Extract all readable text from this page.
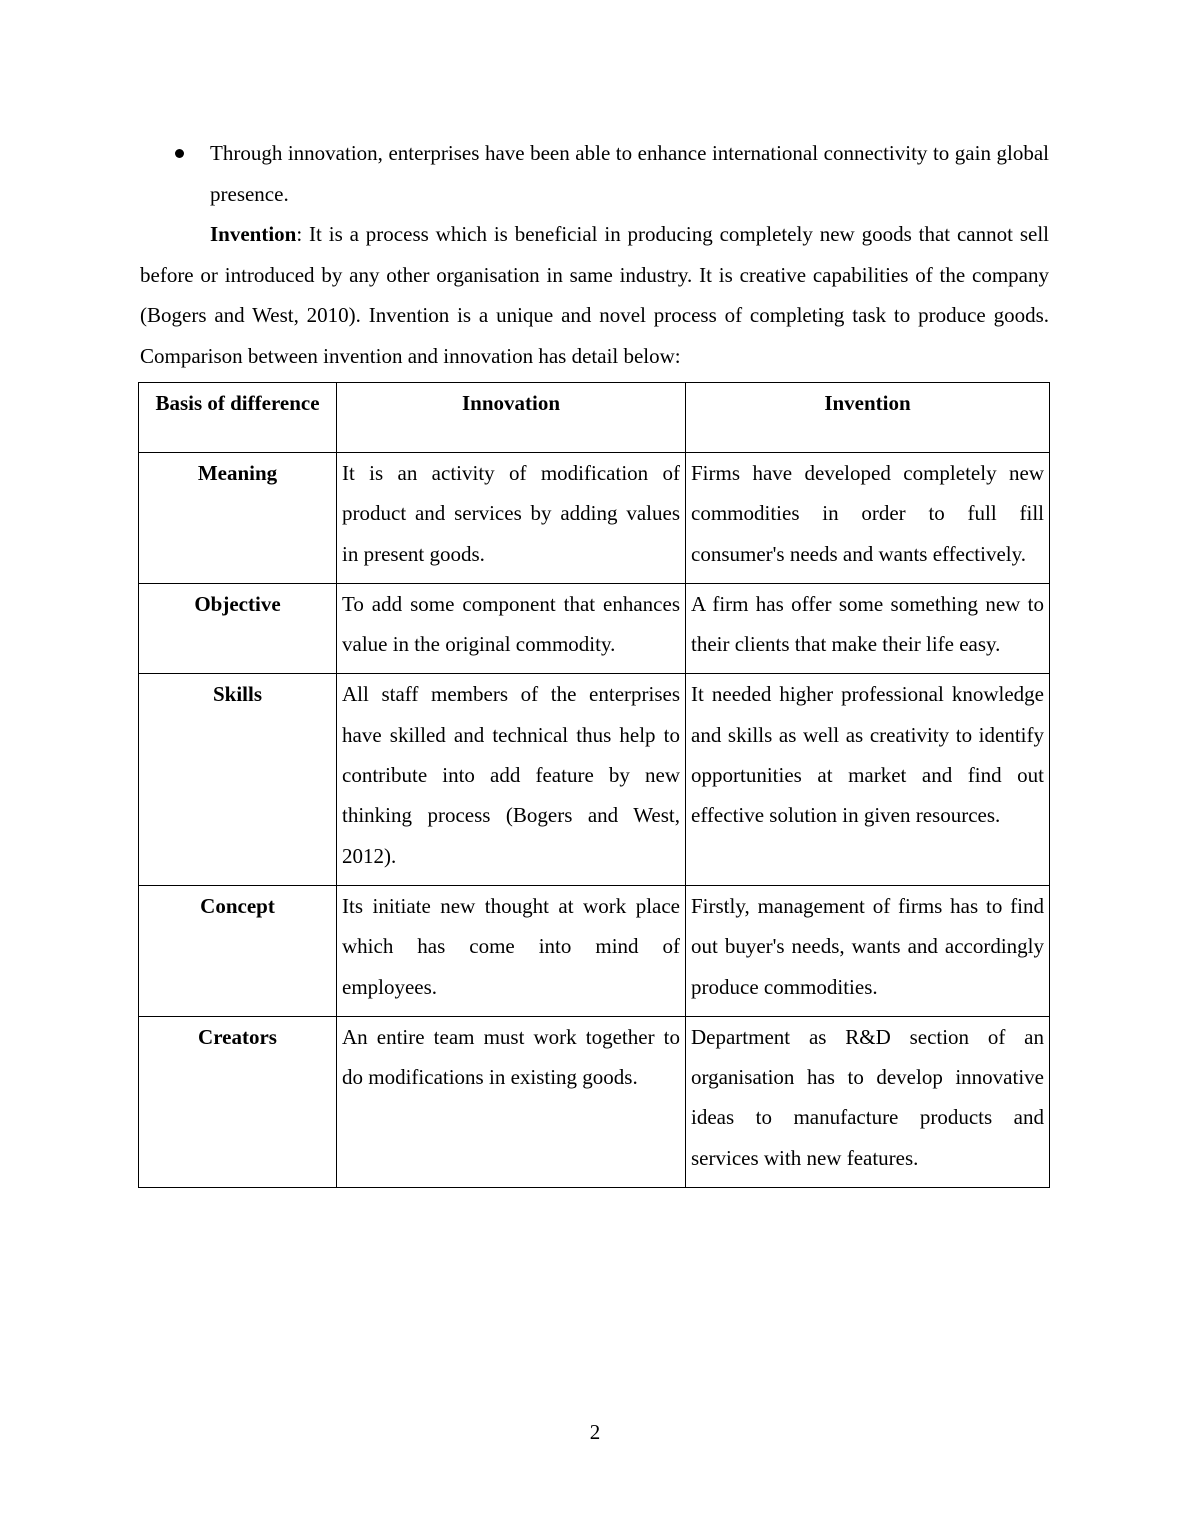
Through innovation, enterprises have been able to enhance international connectivity to gain global presence.
Invention: It is a process which is beneficial in producing completely new goods that cannot sell before or introduced by any other organisation in same industry. It is creative capabilities of the company (Bogers and West, 2010). Invention is a unique and novel process of completing task to produce goods. Comparison between invention and innovation has detail below:
Basis of difference	Innovation	Invention
Meaning	It is an activity of modification of product and services by adding values in present goods.	Firms have developed completely new commodities in order to full fill consumer's needs and wants effectively.
Objective	To add some component that enhances value in the original commodity.	A firm has offer some something new to their clients that make their life easy.
Skills	All staff members of the enterprises have skilled and technical thus help to contribute into add feature by new thinking process (Bogers and West, 2012).	It needed higher professional knowledge and skills as well as creativity to identify opportunities at market and find out effective solution in given resources.
Concept	Its initiate new thought at work place which has come into mind of employees.	Firstly, management of firms has to find out buyer's needs, wants and accordingly produce commodities.
Creators	An entire team must work together to do modifications in existing goods.	Department as R&D section of an organisation has to develop innovative ideas to manufacture products and services with new features.
2
